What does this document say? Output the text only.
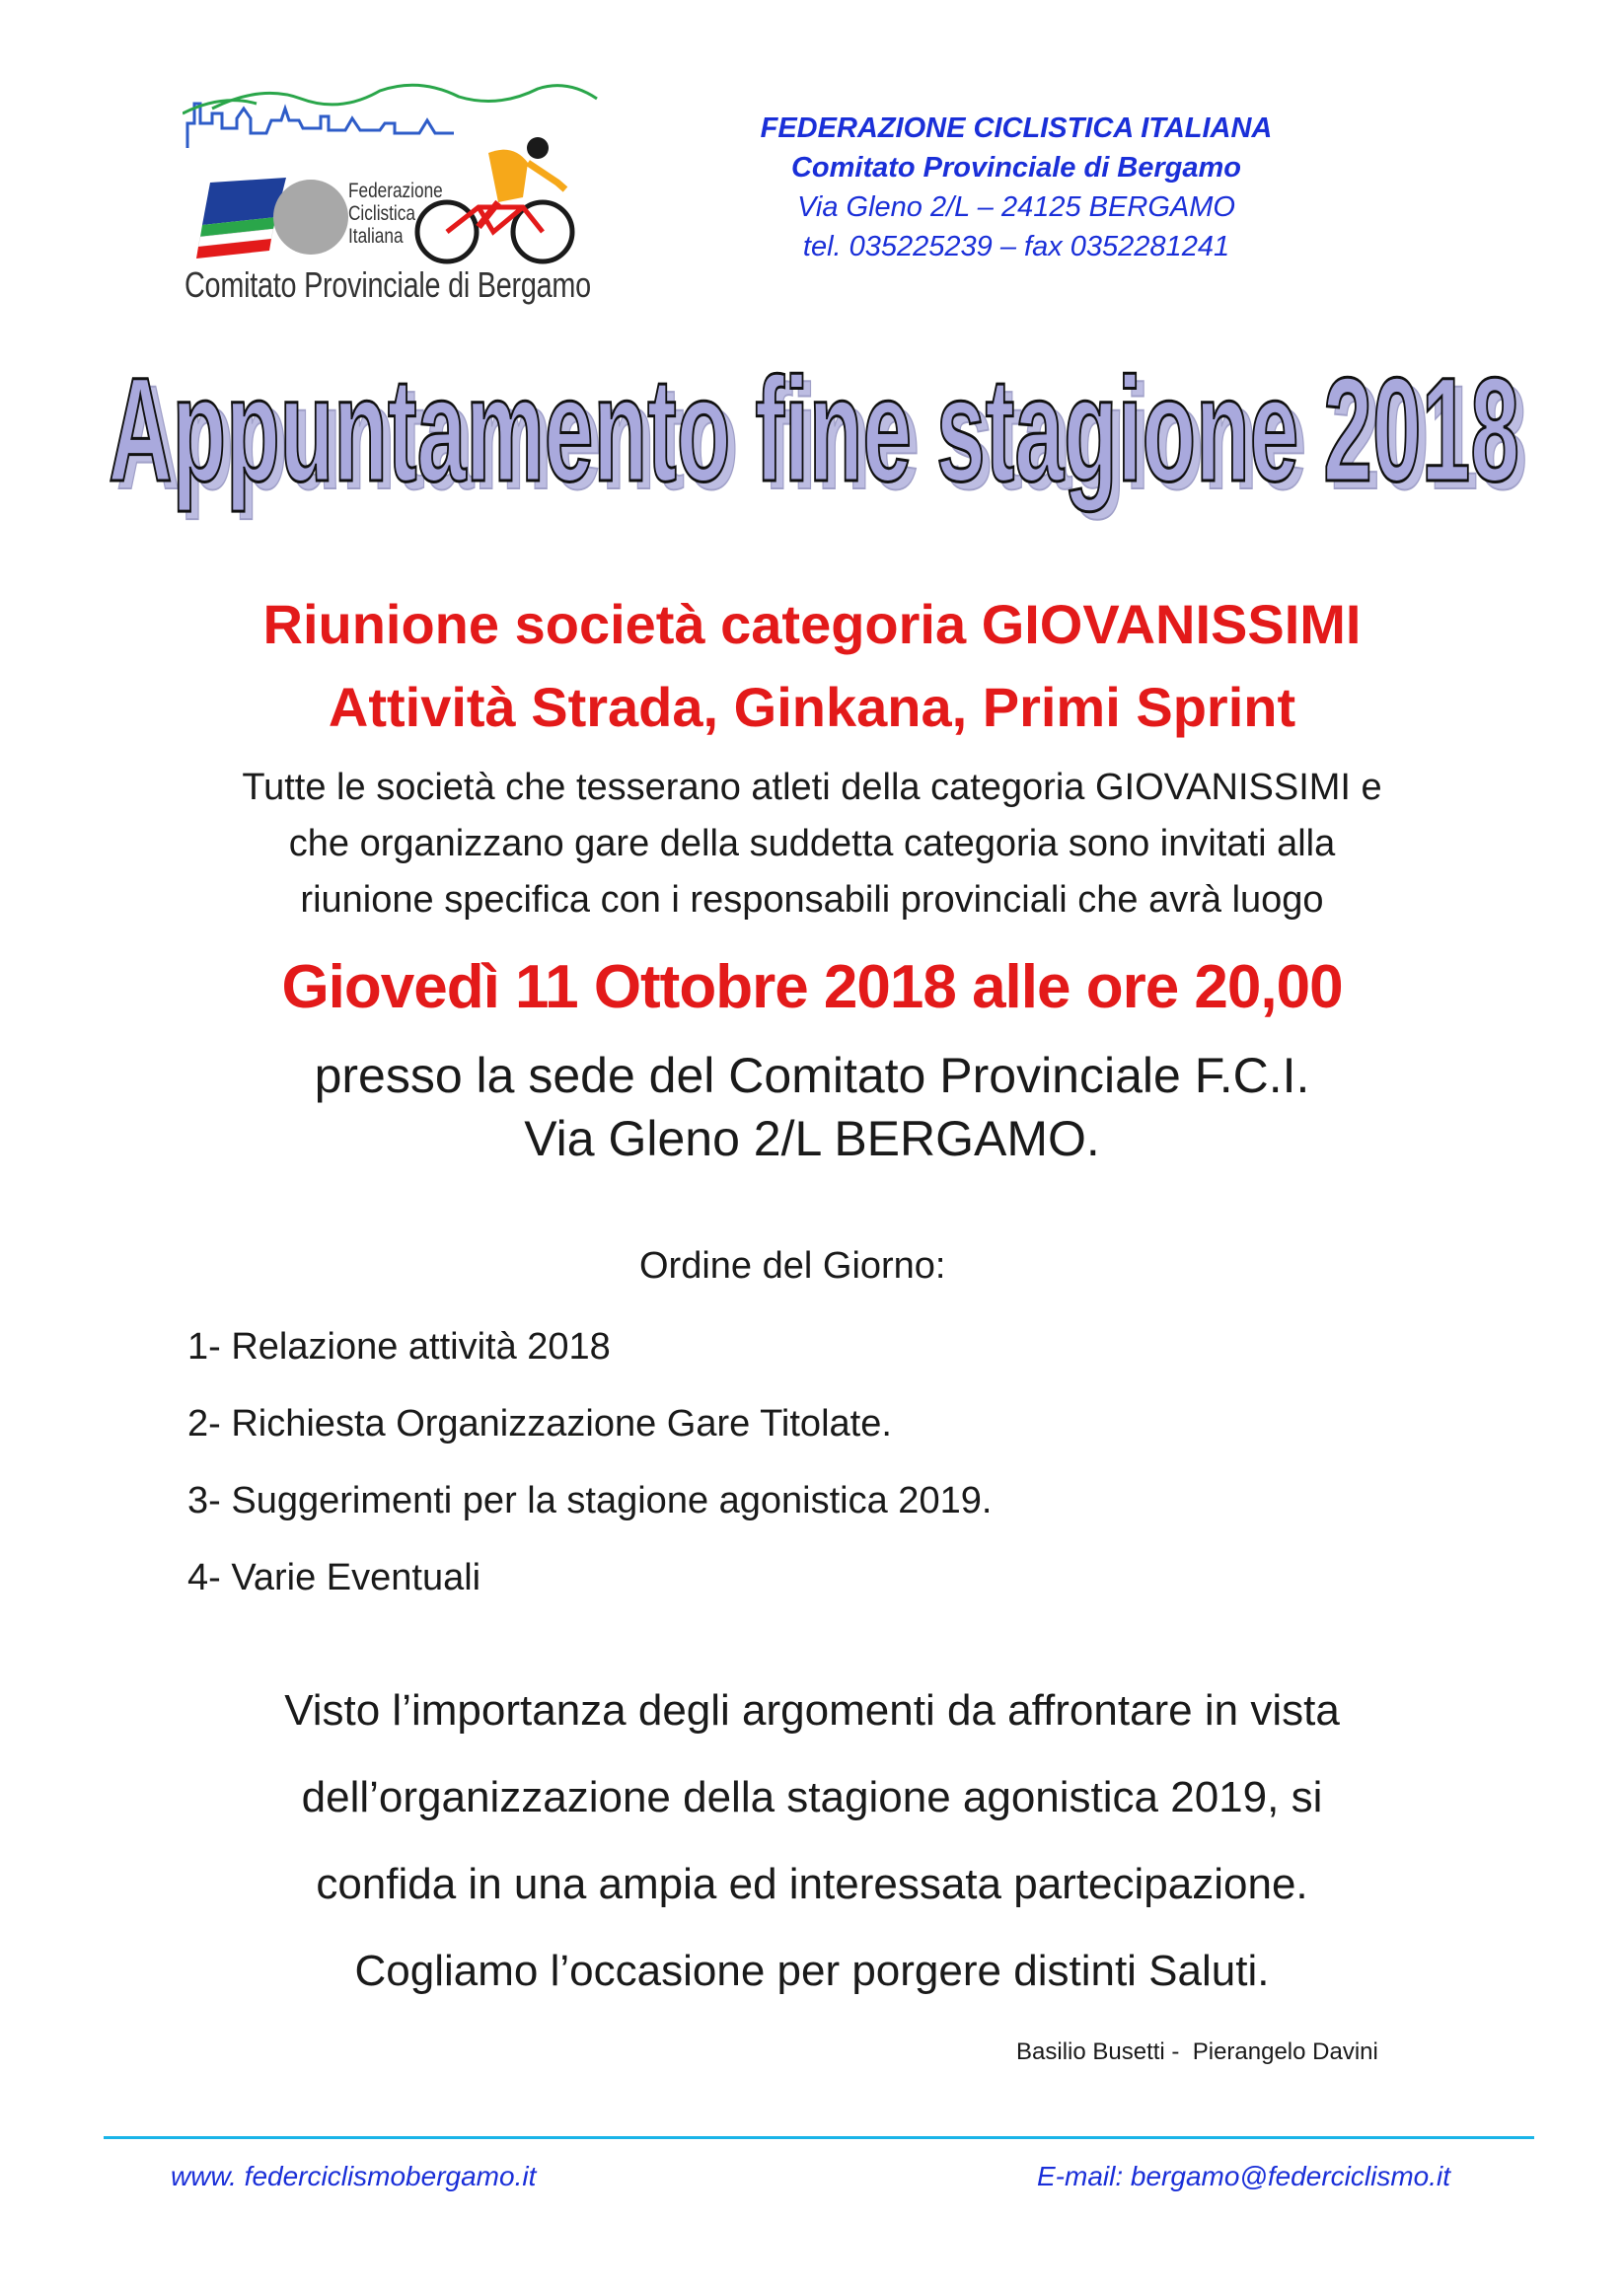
Federazione
Ciclistica
Italiana
Comitato Provinciale di Bergamo
FEDERAZIONE CICLISTICA ITALIANA
Comitato Provinciale di Bergamo
Via Gleno 2/L – 24125 BERGAMO
tel. 035225239 – fax 0352281241
Appuntamento fine stagione 2018
Appuntamento fine stagione 2018
Riunione società categoria GIOVANISSIMI
Attività Strada, Ginkana, Primi Sprint
Tutte le società che tesserano atleti della categoria GIOVANISSIMI e
che organizzano gare della suddetta categoria sono invitati alla
riunione specifica con i responsabili provinciali che avrà luogo
Giovedì 11 Ottobre 2018 alle ore 20,00
presso la sede del Comitato Provinciale F.C.I.
Via Gleno 2/L BERGAMO.
Ordine del Giorno:
1- Relazione attività 2018
2- Richiesta Organizzazione Gare Titolate.
3- Suggerimenti per la stagione agonistica 2019.
4- Varie Eventuali
Visto l’importanza degli argomenti da affrontare in vista
dell’organizzazione della stagione agonistica 2019, si
confida in una ampia ed interessata partecipazione.
Cogliamo l’occasione per porgere distinti Saluti.
Basilio Busetti -  Pierangelo Davini
www. federciclismobergamo.it	E-mail: bergamo@federciclismo.it
